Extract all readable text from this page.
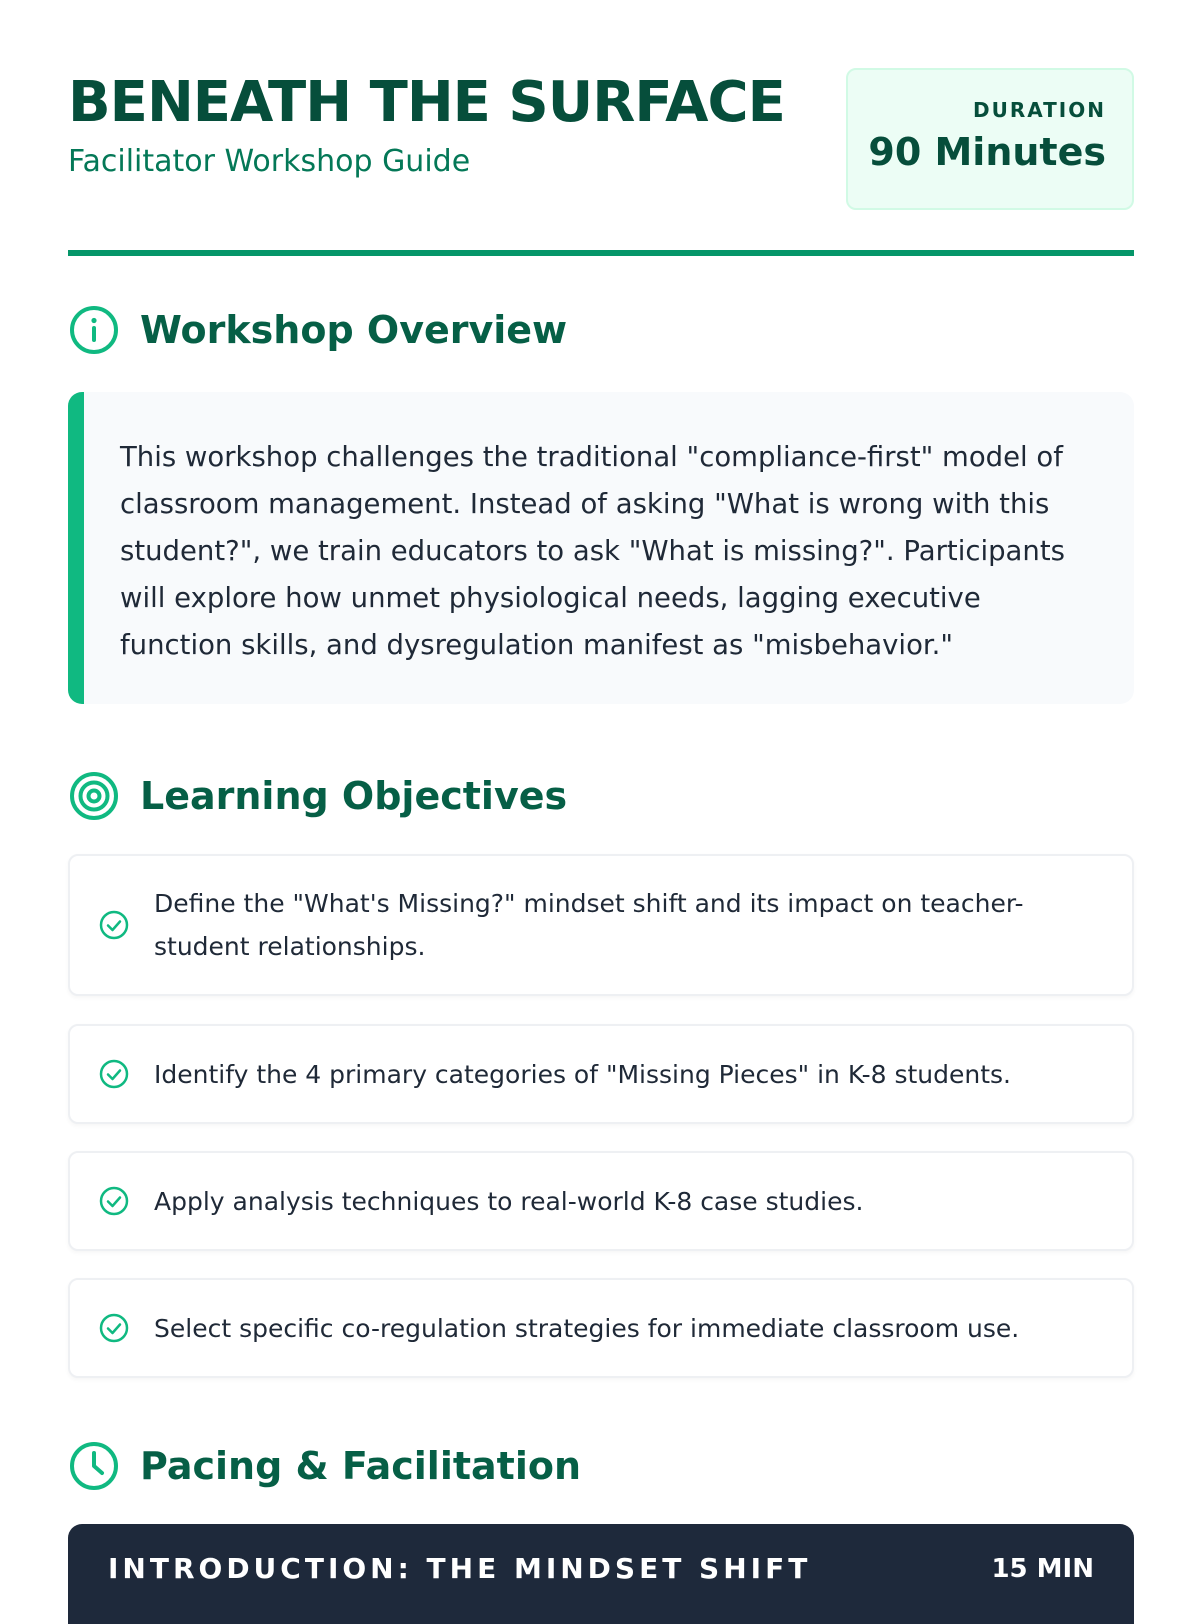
BENEATH THE SURFACE
Facilitator Workshop Guide
DURATION
90 Minutes
Workshop Overview

This workshop challenges the traditional "compliance-first" model of classroom management. Instead of asking "What is wrong with this student?", we train educators to ask "What is missing?". Participants will explore how unmet physiological needs, lagging executive function skills, and dysregulation manifest as "misbehavior."

Learning Objectives
Define the "What's Missing?" mindset shift and its impact on teacher-student relationships.
Identify the 4 primary categories of "Missing Pieces" in K-8 students.
Apply analysis techniques to real-world K-8 case studies.
Select specific co-regulation strategies for immediate classroom use.
Pacing & Facilitation
INTRODUCTION: THE MINDSET SHIFT	15 MIN
